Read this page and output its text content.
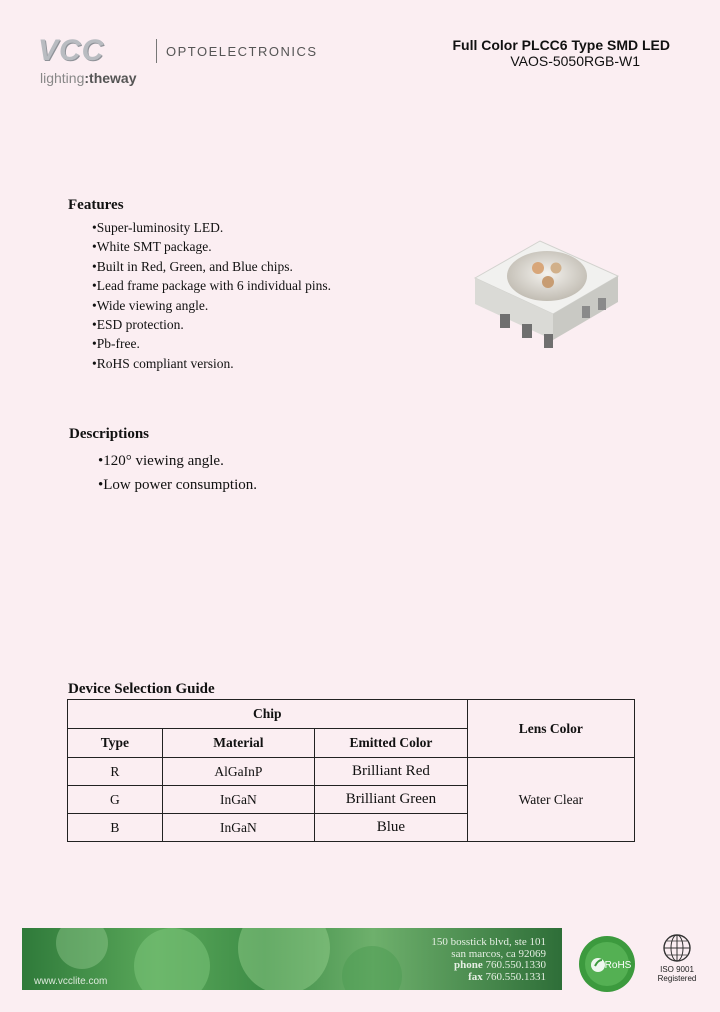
VCC	OPTOELECTRONICS
lighting:theway
Full Color PLCC6 Type SMD LED
VAOS-5050RGB-W1
Features
• Super-luminosity LED.
• White SMT package.
• Built in Red, Green, and Blue chips.
• Lead frame package with 6 individual pins.
• Wide viewing angle.
• ESD protection.
• Pb-free.
• RoHS compliant version.
Descriptions
• 120° viewing angle.
• Low power consumption.
Device Selection Guide
Chip			Lens Color
Type	Material	Emitted Color	
R	AlGaInP	Brilliant Red	Water Clear
G	InGaN	Brilliant Green	
B	InGaN	Blue	
www.vcclite.com
150 bosstick blvd, ste 101
san marcos, ca 92069
phone 760.550.1330
fax 760.550.1331
RoHS	ISO 9001
Registered
